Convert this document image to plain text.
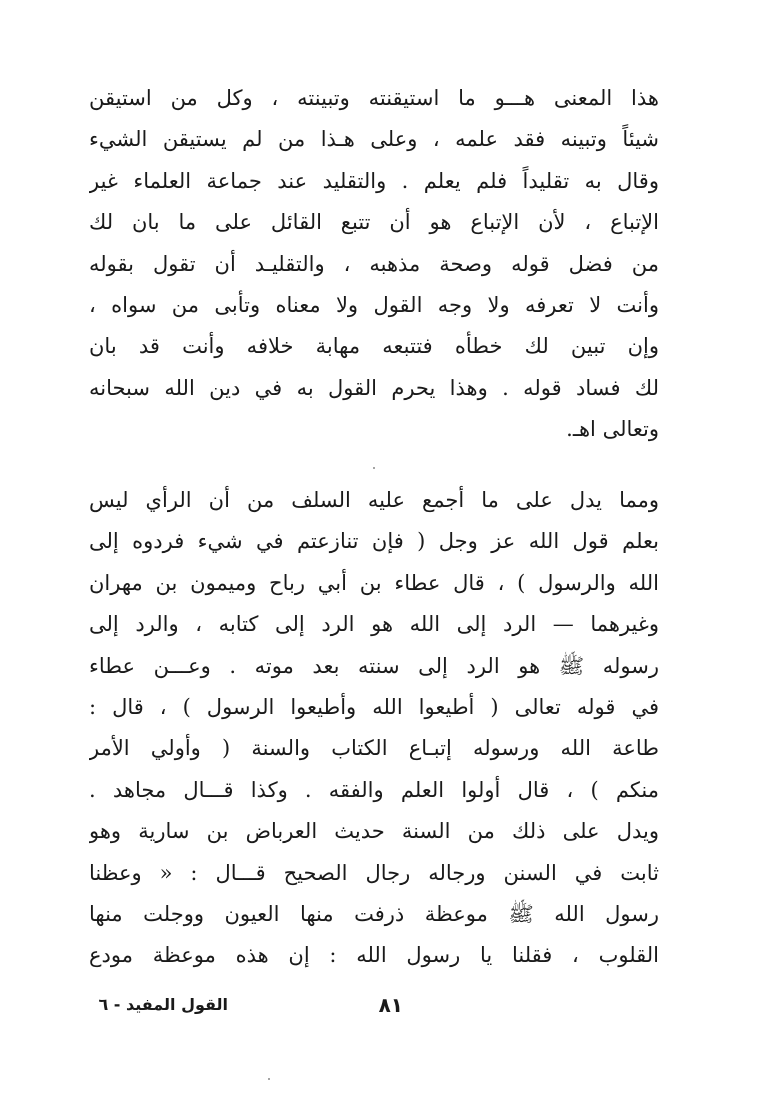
هذا المعنى هـــو ما استيقنته وتبينته ، وكل من استيقن
شيئاً وتبينه فقد علمه ، وعلى هـذا من لم يستيقن الشيء
وقال به تقليداً فلم يعلم . والتقليد عند جماعة العلماء غير
الإتباع ، لأن الإتباع هو أن تتبع القائل على ما بان لك
من فضل قوله وصحة مذهبه ، والتقليـد أن تقول بقوله
وأنت لا تعرفه ولا وجه القول ولا معناه وتأبى من سواه ،
وإن تبين لك خطأه فتتبعه مهابة خلافه وأنت قد بان
لك فساد قوله . وهذا يحرم القول به في دين الله سبحانه
وتعالى اهـ.
ومما يدل على ما أجمع عليه السلف من أن الرأي ليس
بعلم قول الله عز وجل ( فإن تنازعتم في شيء فردوه إلى
الله والرسول ) ، قال عطاء بن أبي رباح وميمون بن مهران
وغيرهما — الرد إلى الله هو الرد إلى كتابه ، والرد إلى
رسوله ﷺ هو الرد إلى سنته بعد موته . وعـــن عطاء
في قوله تعالى ( أطيعوا الله وأطيعوا الرسول ) ، قال :
طاعة الله ورسوله إتبـاع الكتاب والسنة ( وأولي الأمر
منكم ) ، قال أولوا العلم والفقه . وكذا قـــال مجاهد .
ويدل على ذلك من السنة حديث العرباض بن سارية وهو
ثابت في السنن ورجاله رجال الصحيح قـــال : « وعظنا
رسول الله ﷺ موعظة ذرفت منها العيون ووجلت منها
القلوب ، فقلنا يا رسول الله : إن هذه موعظة مودع
القول المفيد - ٦	٨١
